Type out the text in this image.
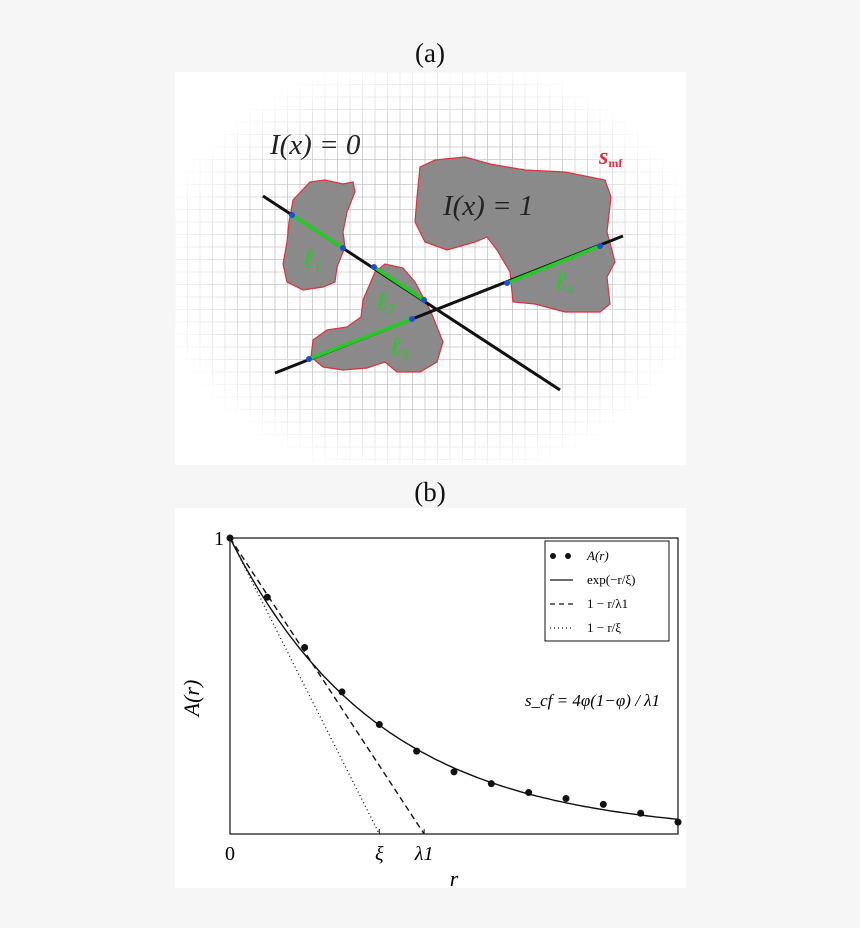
(a)
I(x) = 0
I(x) = 1
smf
ℓ1
ℓ2
ℓ3
ℓ4
(b)
0	ξ λ1
1
A(r)
exp(−r/ξ)
1 − r/λ1
1 − r/ξ
s_cf = 4φ(1−φ) / λ1
A(r)
r
